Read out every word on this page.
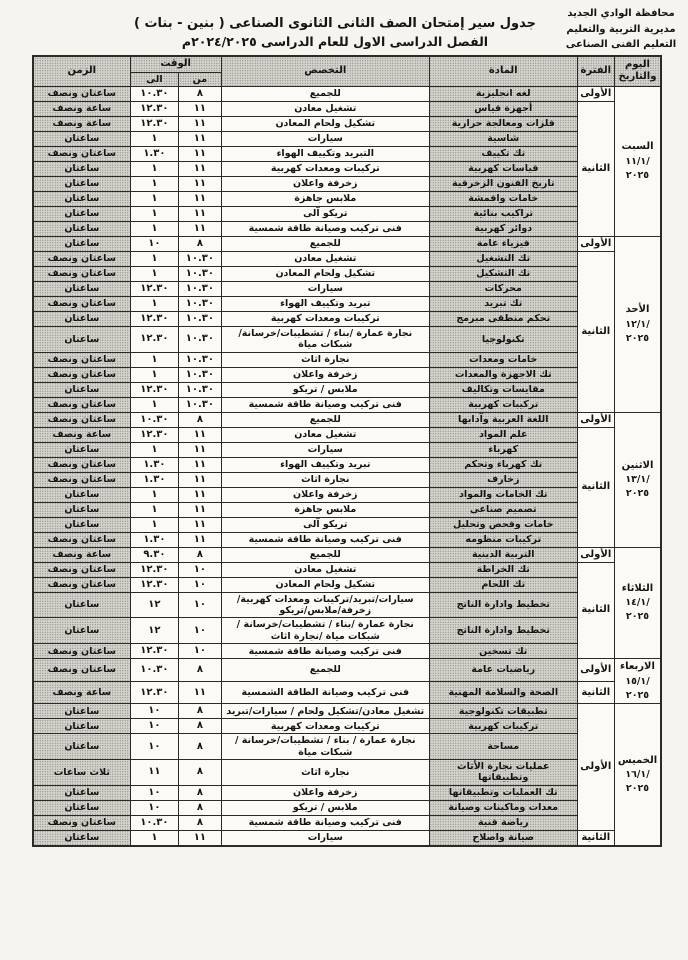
محافظة الوادي الجديد
مديرية التربية والتعليم
التعليم الفنى الصناعى
جدول سير إمتحان الصف الثانى الثانوى الصناعى ( بنين - بنات )
الفصل الدراسى الاول للعام الدراسى ٢٠٢٤/٢٠٢٥م
اليوم والتاريخ	الفترة	المادة	التخصص	الوقت		الزمن
				من	الى	

السبت
١١/١/
٢٠٢٥	الأولى	لغه انجليزية	للجميع	٨	١٠.٣٠	ساعتان ونصف
	الثانية	أجهزة قياس	تشغيل معادن	١١	١٢.٣٠	ساعة ونصف
		فلزات ومعالجة حرارية	تشكيل ولحام المعادن	١١	١٢.٣٠	ساعة ونصف
		شاسية	سيارات	١١	١	ساعتان
		تك تكييف	التبريد وتكييف الهواء	١١	١.٣٠	ساعتان ونصف
		قياسات كهربية	تركيبات ومعدات كهربية	١١	١	ساعتان
		تاريخ الفنون الزخرفية	زخرفة واعلان	١١	١	ساعتان
		خامات واقمشة	ملابس جاهزة	١١	١	ساعتان
		تراكيب بنائية	تريكو آلى	١١	١	ساعتان
		دوائر كهربية	فنى تركيب وصيانة طاقة شمسية	١١	١	ساعتان

الأحد
١٢/١/
٢٠٢٥	الأولى	فيزياء عامة	للجميع	٨	١٠	ساعتان
	الثانية	تك التشغيل	تشغيل معادن	١٠.٣٠	١	ساعتان ونصف
		تك التشكيل	تشكيل ولحام المعادن	١٠.٣٠	١	ساعتان ونصف
		محركات	سيارات	١٠.٣٠	١٢.٣٠	ساعتان
		تك تبريد	تبريد وتكييف الهواء	١٠.٣٠	١	ساعتان ونصف
		تحكم منطقى مبرمج	تركيبات ومعدات كهربية	١٠.٣٠	١٢.٣٠	ساعتان
		تكنولوجيا	نجارة عمارة /بناء / تشطيبات/خرسانة/شبكات مياة	١٠.٣٠	١٢.٣٠	ساعتان
		خامات ومعدات	نجارة اثاث	١٠.٣٠	١	ساعتان ونصف
		تك الاجهزة والمعدات	زخرفة واعلان	١٠.٣٠	١	ساعتان ونصف
		مقايسات وتكاليف	ملابس / تريكو	١٠.٣٠	١٢.٣٠	ساعتان
		تركيبات كهربية	فنى تركيب وصيانة طاقة شمسية	١٠.٣٠	١	ساعتان ونصف

الاثنين
١٣/١/
٢٠٢٥	الأولى	اللغة العربية وآدابها	للجميع	٨	١٠.٣٠	ساعتان ونصف
	الثانية	علم المواد	تشغيل معادن	١١	١٢.٣٠	ساعة ونصف
		كهرباء	سيارات	١١	١	ساعتان
		تك كهرباء وتحكم	تبريد وتكييف الهواء	١١	١.٣٠	ساعتان ونصف
		زخارف	نجارة اثاث	١١	١.٣٠	ساعتان ونصف
		تك الخامات والمواد	زخرفة واعلان	١١	١	ساعتان
		تصميم صناعى	ملابس جاهزة	١١	١	ساعتان
		خامات وفحص وتحليل	تريكو آلى	١١	١	ساعتان
		تركيبات منظومه	فنى تركيب وصيانة طاقة شمسية	١١	١.٣٠	ساعتان ونصف

الثلاثاء
١٤/١/
٢٠٢٥	الأولى	التربية الدينية	للجميع	٨	٩.٣٠	ساعة ونصف
	الثانية	تك الخراطة	تشغيل معادن	١٠	١٢.٣٠	ساعتان ونصف
		تك اللحام	تشكيل ولحام المعادن	١٠	١٢.٣٠	ساعتان ونصف
		تخطيط وادارة الناتج	سيارات/تبريد/تركيبات ومعدات كهربية/زخرفة/ملابس/تريكو	١٠	١٢	ساعتان
		تخطيط وادارة الناتج	نجارة عمارة /بناء / تشطيبات/خرسانة /شبكات مياة /نجارة اثاث	١٠	١٢	ساعتان
		تك تسخين	فنى تركيب وصيانة طاقة شمسية	١٠	١٢.٣٠	ساعتان ونصف

الاربعاء
١٥/١/
٢٠٢٥	الأولى	رياضيات عامة	للجميع	٨	١٠.٣٠	ساعتان ونصف
	الثانية	الصحة والسلامة المهنية	فنى تركيب وصيانة الطاقة الشمسية	١١	١٢.٣٠	ساعة ونصف

الخميس
١٦/١/
٢٠٢٥	الأولى	تطبيقات تكنولوجية	تشغيل معادن/تشكيل ولحام / سيارات/تبريد	٨	١٠	ساعتان
		تركيبات كهربية	تركيبات ومعدات كهربية	٨	١٠	ساعتان
		مساحة	نجارة عمارة / بناء / تشطيبات/خرسانة / شبكات مياة	٨	١٠	ساعتان
		عمليات نجارة الأثاث وتطبيقاتها	نجارة اثاث	٨	١١	ثلاث ساعات
		تك العمليات وتطبيقاتها	زخرفة واعلان	٨	١٠	ساعتان
		معدات وماكينات وصيانة	ملابس / تريكو	٨	١٠	ساعتان
		رياضة فنية	فنى تركيب وصيانة طاقة شمسية	٨	١٠.٣٠	ساعتان ونصف
	الثانية	صيانة واصلاح	سيارات	١١	١	ساعتان
